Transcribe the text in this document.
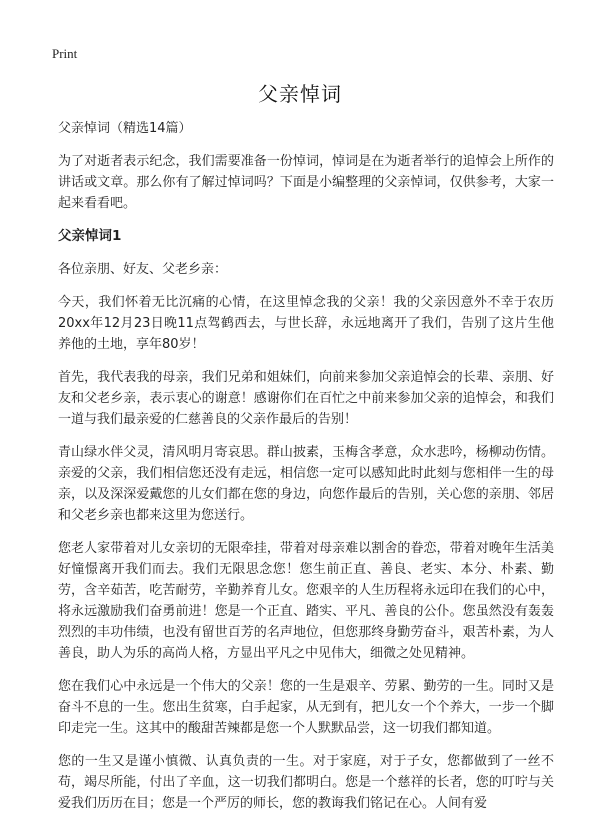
Print
父亲悼词

父亲悼词（精选14篇）

为了对逝者表示纪念，我们需要准备一份悼词，悼词是在为逝者举行的追悼会上所作的讲话或文章。那么你有了解过悼词吗？下面是小编整理的父亲悼词，仅供参考，大家一起来看看吧。

父亲悼词1

各位亲朋、好友、父老乡亲：

今天，我们怀着无比沉痛的心情，在这里悼念我的父亲！我的父亲因意外不幸于农历20xx年12月23日晚11点驾鹤西去，与世长辞，永远地离开了我们，告别了这片生他养他的土地，享年80岁！

首先，我代表我的母亲，我们兄弟和姐妹们，向前来参加父亲追悼会的长辈、亲朋、好友和父老乡亲，表示衷心的谢意！感谢你们在百忙之中前来参加父亲的追悼会，和我们一道与我们最亲爱的仁慈善良的父亲作最后的告别！

青山绿水伴父灵，清风明月寄哀思。群山披素，玉梅含孝意，众水悲吟，杨柳动伤情。亲爱的父亲，我们相信您还没有走远，相信您一定可以感知此时此刻与您相伴一生的母亲，以及深深爱戴您的儿女们都在您的身边，向您作最后的告别，关心您的亲朋、邻居和父老乡亲也都来这里为您送行。

您老人家带着对儿女亲切的无限牵挂，带着对母亲难以割舍的眷恋，带着对晚年生活美好憧憬离开我们而去。我们无限思念您！您生前正直、善良、老实、本分、朴素、勤劳，含辛茹苦，吃苦耐劳，辛勤养育儿女。您艰辛的人生历程将永远印在我们的心中，将永远激励我们奋勇前进！您是一个正直、踏实、平凡、善良的公仆。您虽然没有轰轰烈烈的丰功伟绩，也没有留世百芳的名声地位，但您那终身勤劳奋斗，艰苦朴素，为人善良，助人为乐的高尚人格，方显出平凡之中见伟大，细微之处见精神。

您在我们心中永远是一个伟大的父亲！您的一生是艰辛、劳累、勤劳的一生。同时又是奋斗不息的一生。您出生贫寒，白手起家，从无到有，把儿女一个个养大，一步一个脚印走完一生。这其中的酸甜苦辣都是您一个人默默品尝，这一切我们都知道。

您的一生又是谨小慎微、认真负责的一生。对于家庭，对于子女，您都做到了一丝不苟，竭尽所能，付出了辛血，这一切我们都明白。您是一个慈祥的长者，您的叮咛与关爱我们历历在目；您是一个严厉的师长，您的教诲我们铭记在心。人间有爱
